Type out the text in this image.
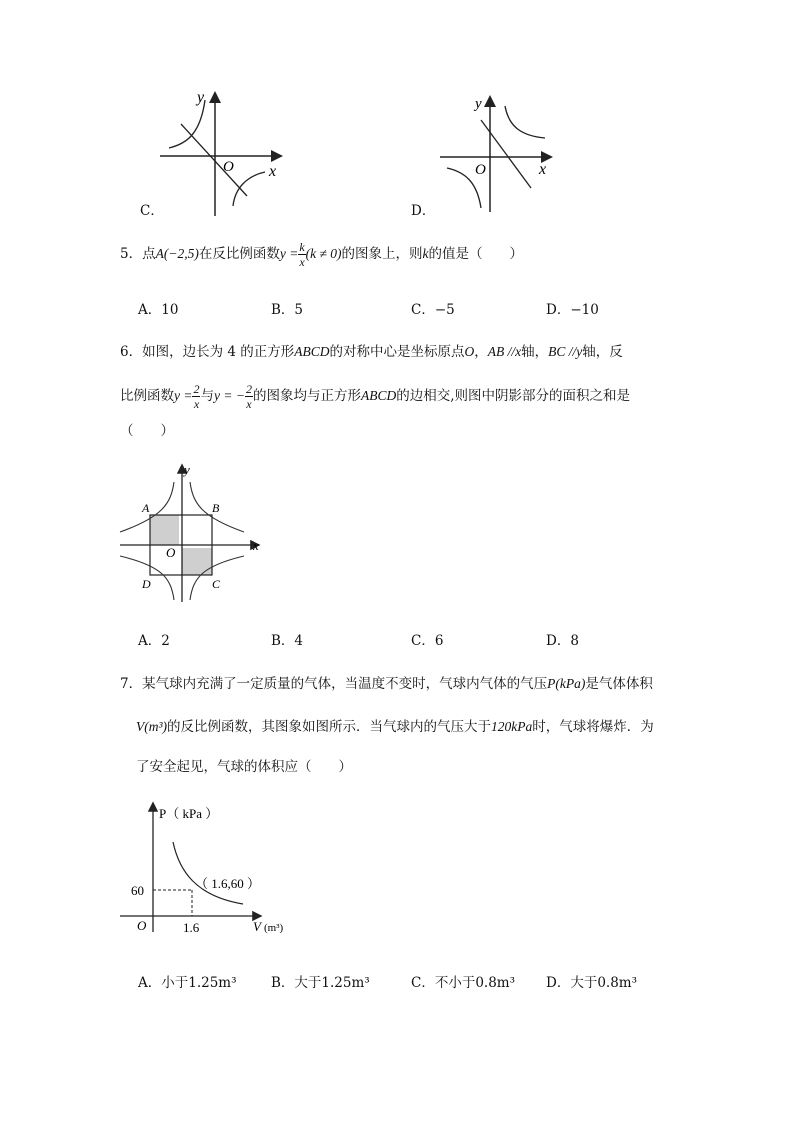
y
x
O
C．
y
x
O
D．
5．点A(−2,5)在反比例函数$y = \frac{k}{x} (k \ne 0)$的图象上，则k的值是（　　）
A．10	B．5	C．−5	D．−10
6．如图，边长为 4 的正方形ABCD的对称中心是坐标原点O，AB //x轴，BC //y轴，反
比例函数$y = \frac{2}{x}$ 与y = − $\frac{2}{x}$ 的图象均与正方形ABCD的边相交,则图中阴影部分的面积之和是
（　　）
y
x
O
A	B
C
D
A．2	B．4	C．6	D．8
7．某气球内充满了一定质量的气体，当温度不变时，气球内气体的气压P(kPa)是气体体积
V(m³)的反比例函数，其图象如图所示．当气球内的气压大于120kPa时，气球将爆炸．为
了安全起见，气球的体积应（　　）
P（ kPa ）
V (m³)
O
60
1.6
（ 1.6,60 ）
A．小于1.25m³	B．大于1.25m³	C．不小于0.8m³ D．大于0.8m³
